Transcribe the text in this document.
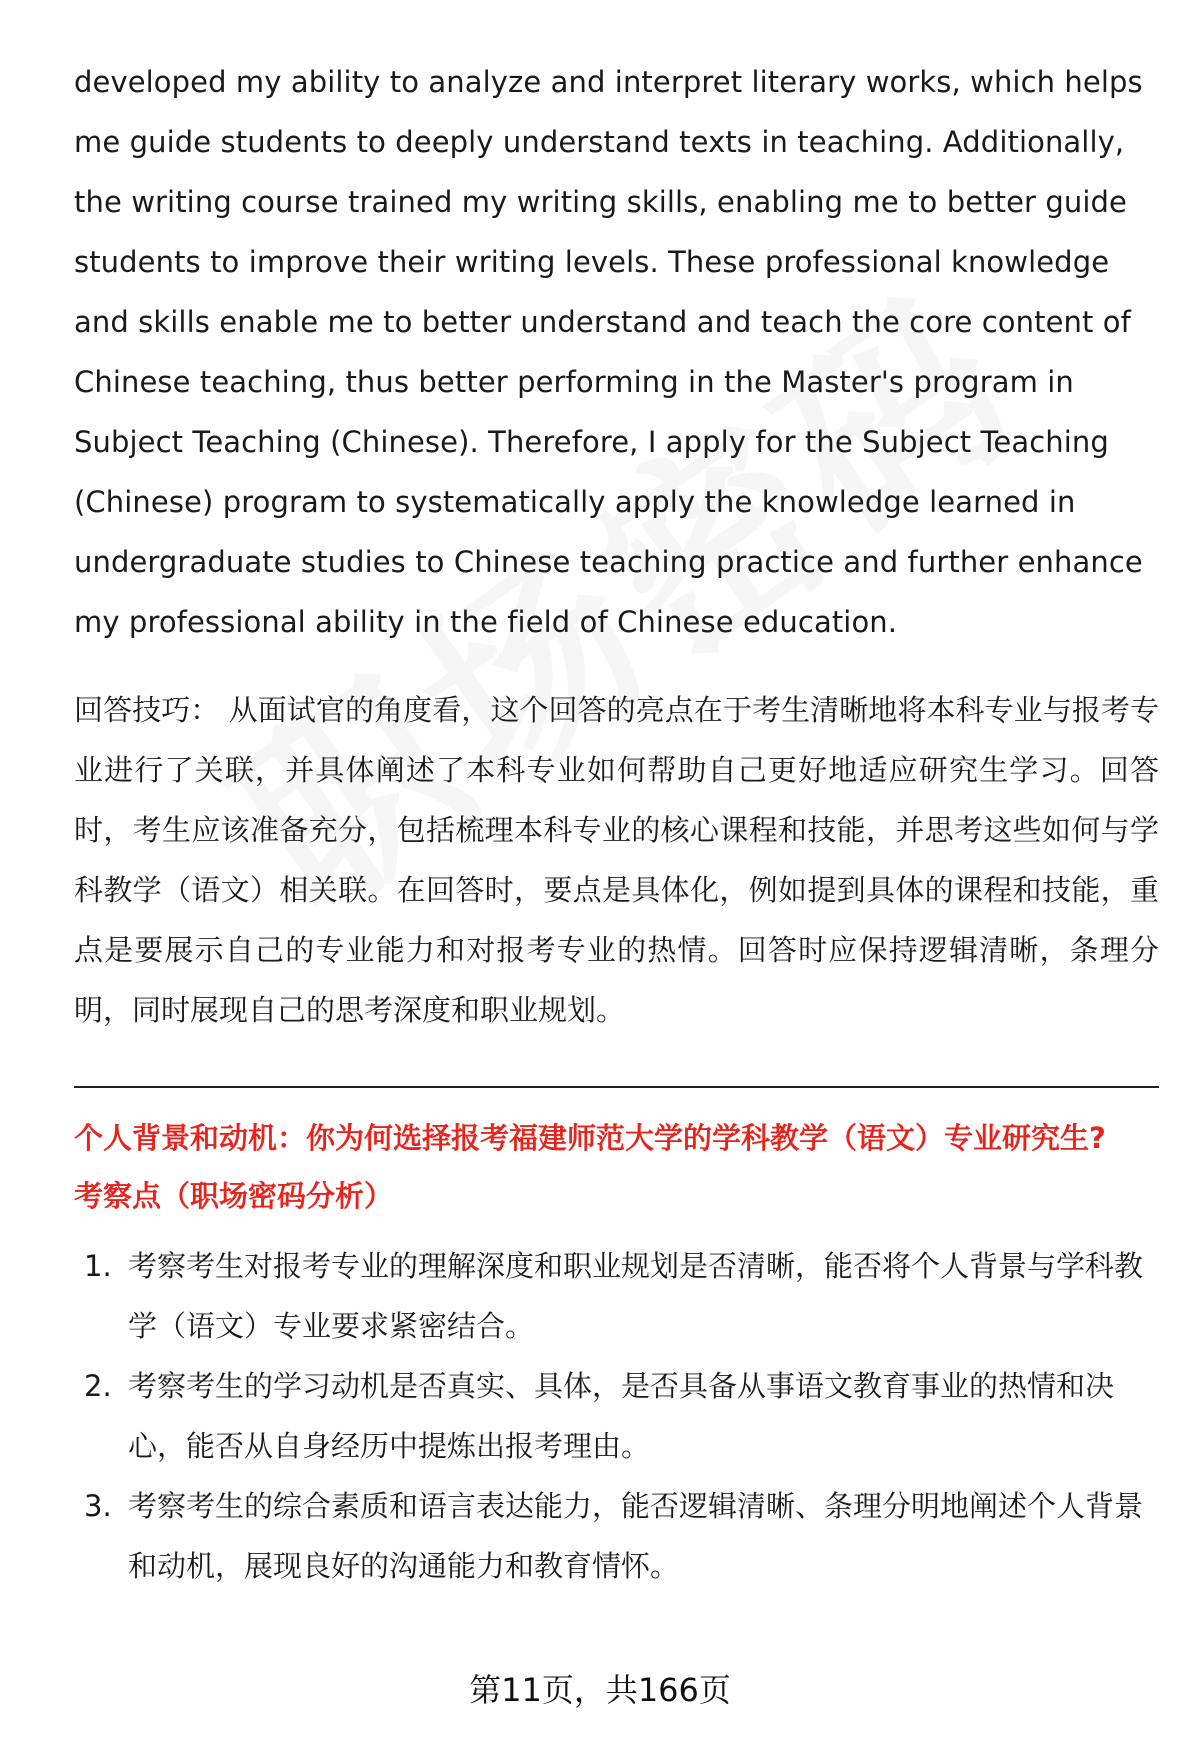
developed my ability to analyze and interpret literary works, which helps me guide students to deeply understand texts in teaching. Additionally, the writing course trained my writing skills, enabling me to better guide students to improve their writing levels. These professional knowledge and skills enable me to better understand and teach the core content of Chinese teaching, thus better performing in the Master's program in Subject Teaching (Chinese). Therefore, I apply for the Subject Teaching (Chinese) program to systematically apply the knowledge learned in undergraduate studies to Chinese teaching practice and further enhance my professional ability in the field of Chinese education.

回答技巧： 从面试官的角度看，这个回答的亮点在于考生清晰地将本科专业与报考专业进行了关联，并具体阐述了本科专业如何帮助自己更好地适应研究生学习。回答时，考生应该准备充分，包括梳理本科专业的核心课程和技能，并思考这些如何与学科教学（语文）相关联。在回答时，要点是具体化，例如提到具体的课程和技能，重点是要展示自己的专业能力和对报考专业的热情。回答时应保持逻辑清晰，条理分明，同时展现自己的思考深度和职业规划。

个人背景和动机：你为何选择报考福建师范大学的学科教学（语文）专业研究生?
考察点（职场密码分析）
1. 考察考生对报考专业的理解深度和职业规划是否清晰，能否将个人背景与学科教学（语文）专业要求紧密结合。
2. 考察考生的学习动机是否真实、具体，是否具备从事语文教育事业的热情和决心，能否从自身经历中提炼出报考理由。
3. 考察考生的综合素质和语言表达能力，能否逻辑清晰、条理分明地阐述个人背景和动机，展现良好的沟通能力和教育情怀。
第11页，共166页
